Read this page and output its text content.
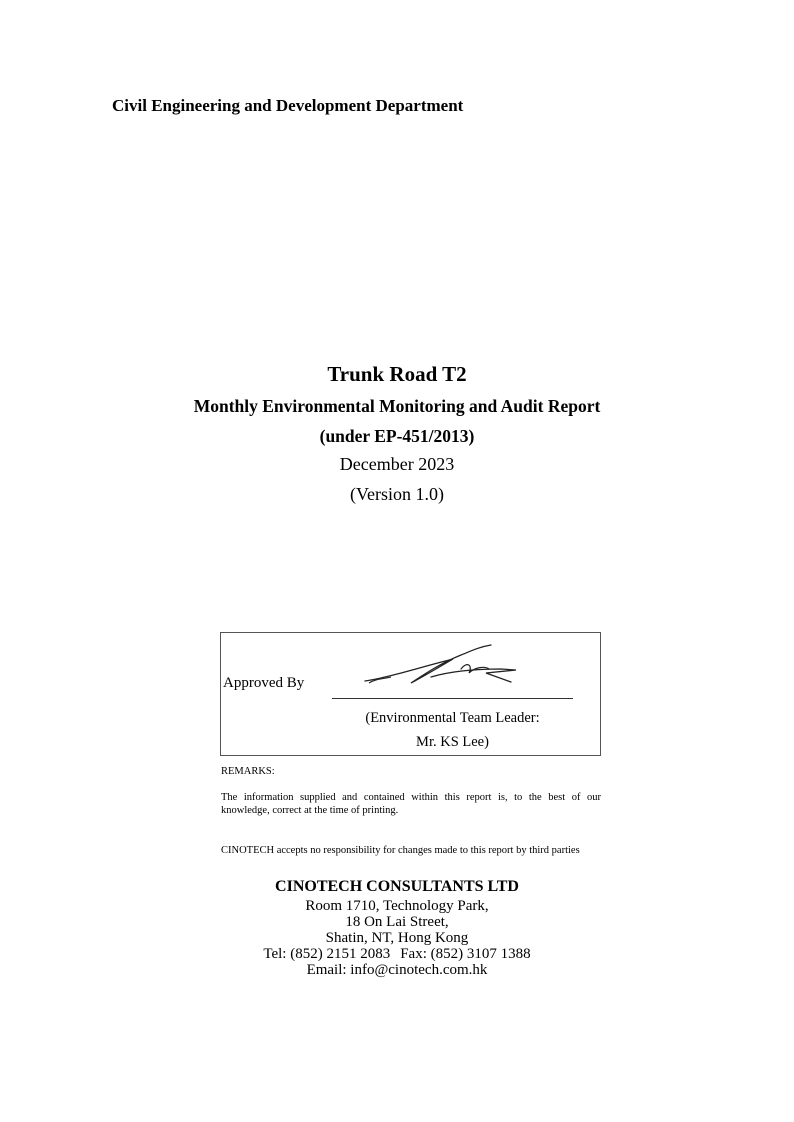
Civil Engineering and Development Department
Trunk Road T2
Monthly Environmental Monitoring and Audit Report
(under EP-451/2013)
December 2023
(Version 1.0)
Approved By
(Environmental Team Leader:
Mr. KS Lee)
REMARKS:
The information supplied and contained within this report is, to the best of our knowledge, correct at the time of printing.
CINOTECH accepts no responsibility for changes made to this report by third parties
CINOTECH CONSULTANTS LTD
Room 1710, Technology Park,
18 On Lai Street,
Shatin, NT, Hong Kong
Tel: (852) 2151 2083 Fax: (852) 3107 1388
Email: info@cinotech.com.hk
